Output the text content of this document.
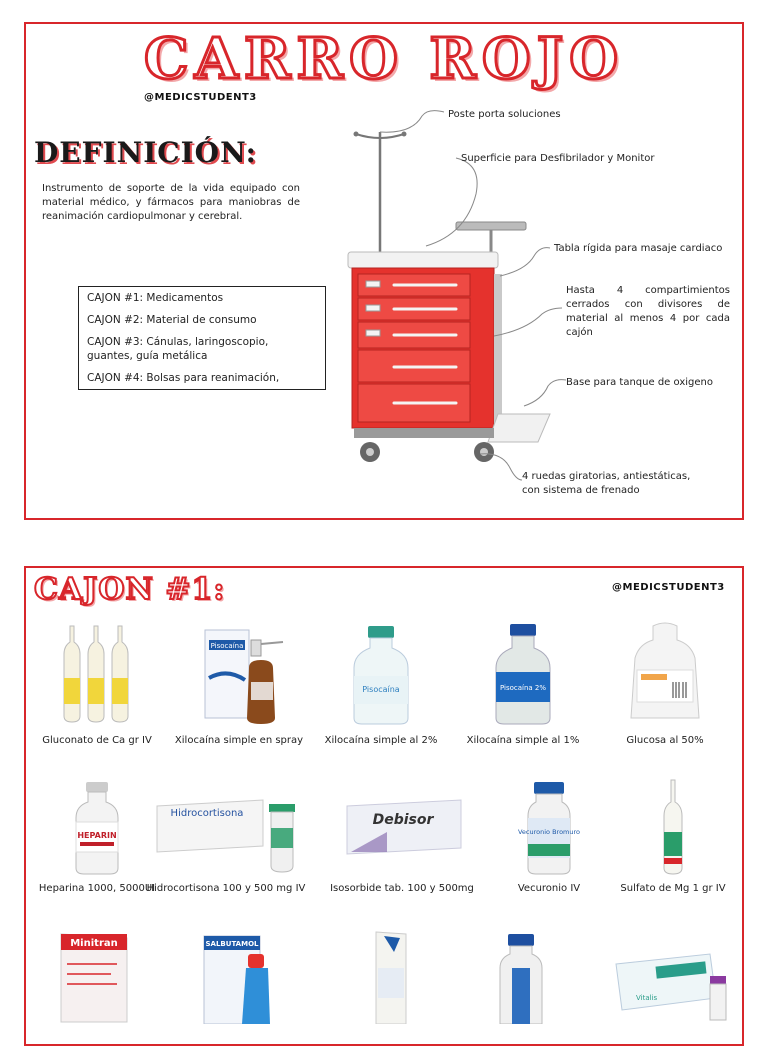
CARRO ROJO
@MEDICSTUDENT3
DEFINICIÓN:
Instrumento de soporte de la vida equipado con material médico, y fármacos para maniobras de reanimación cardiopulmonar y cerebral.
CAJON #1: Medicamentos
CAJON #2: Material de consumo
CAJON #3: Cánulas, laringoscopio, guantes, guía metálica
CAJON #4: Bolsas para reanimación,
Poste porta soluciones
Superficie para Desfibrilador y Monitor
Tabla rígida para masaje cardiaco
Hasta 4 compartimientos cerrados con divisores de material al menos 4 por cada cajón
Base para tanque de oxigeno
4 ruedas giratorias, antiestáticas, con sistema de frenado
CAJON #1:	@MEDICSTUDENT3
Gluconato de Ca gr IV
Pisocaína
Xilocaína simple en spray
Pisocaína
Xilocaína simple al 2%
Pisocaína 2%
Xilocaína simple al 1%	Glucosa al 50%
HEPARIN
Heparina 1000, 5000UI
Hidrocortisona
Hidrocortisona 100 y 500 mg IV
Debisor
Isosorbide tab. 100 y 500mg
Vecuronio Bromuro
Vecuronio IV	Sulfato de Mg 1 gr IV
Minitran	SALBUTAMOL
Vitalis
